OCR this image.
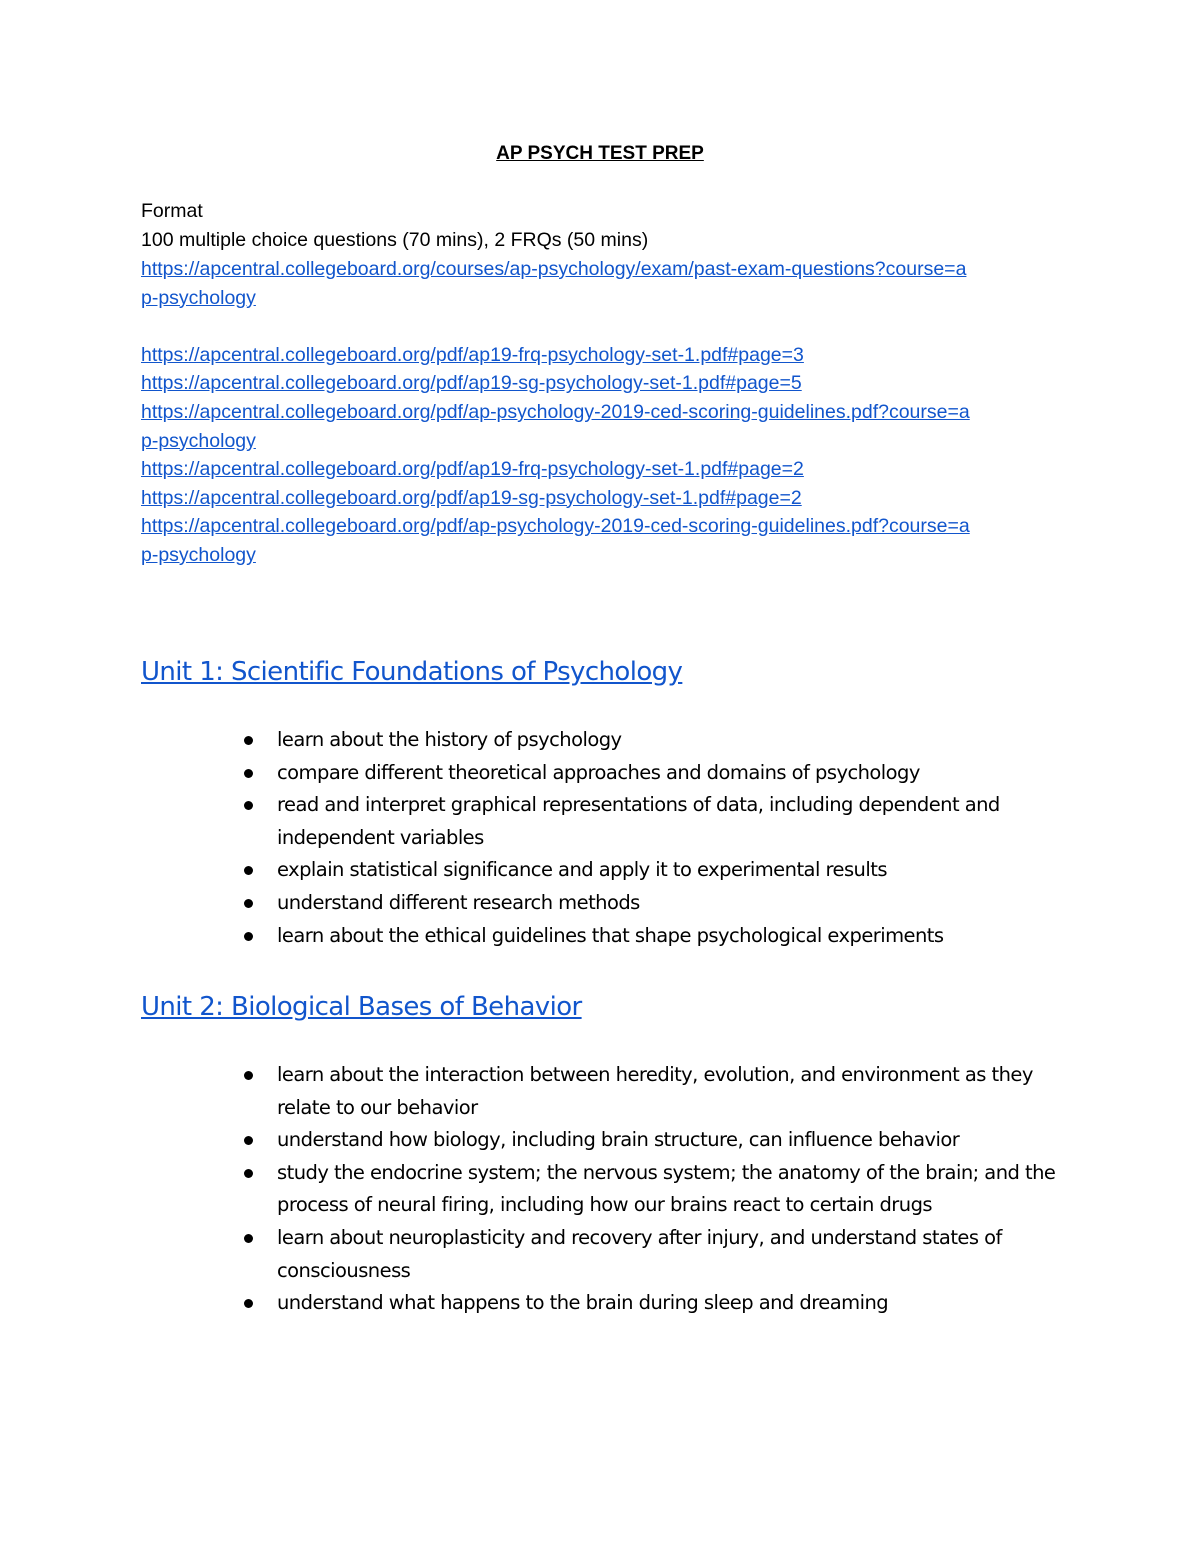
AP PSYCH TEST PREP

Format

100 multiple choice questions (70 mins), 2 FRQs (50 mins)

https://apcentral.collegeboard.org/courses/ap-psychology/exam/past-exam-questions?course=a
p-psychology
https://apcentral.collegeboard.org/pdf/ap19-frq-psychology-set-1.pdf#page=3
https://apcentral.collegeboard.org/pdf/ap19-sg-psychology-set-1.pdf#page=5
https://apcentral.collegeboard.org/pdf/ap-psychology-2019-ced-scoring-guidelines.pdf?course=a
p-psychology
https://apcentral.collegeboard.org/pdf/ap19-frq-psychology-set-1.pdf#page=2
https://apcentral.collegeboard.org/pdf/ap19-sg-psychology-set-1.pdf#page=2
https://apcentral.collegeboard.org/pdf/ap-psychology-2019-ced-scoring-guidelines.pdf?course=a
p-psychology
Unit 1: Scientific Foundations of Psychology
learn about the history of psychology
compare different theoretical approaches and domains of psychology
read and interpret graphical representations of data, including dependent and independent variables
explain statistical significance and apply it to experimental results
understand different research methods
learn about the ethical guidelines that shape psychological experiments
Unit 2: Biological Bases of Behavior
learn about the interaction between heredity, evolution, and environment as they relate to our behavior
understand how biology, including brain structure, can influence behavior
study the endocrine system; the nervous system; the anatomy of the brain; and the process of neural firing, including how our brains react to certain drugs
learn about neuroplasticity and recovery after injury, and understand states of consciousness
understand what happens to the brain during sleep and dreaming
